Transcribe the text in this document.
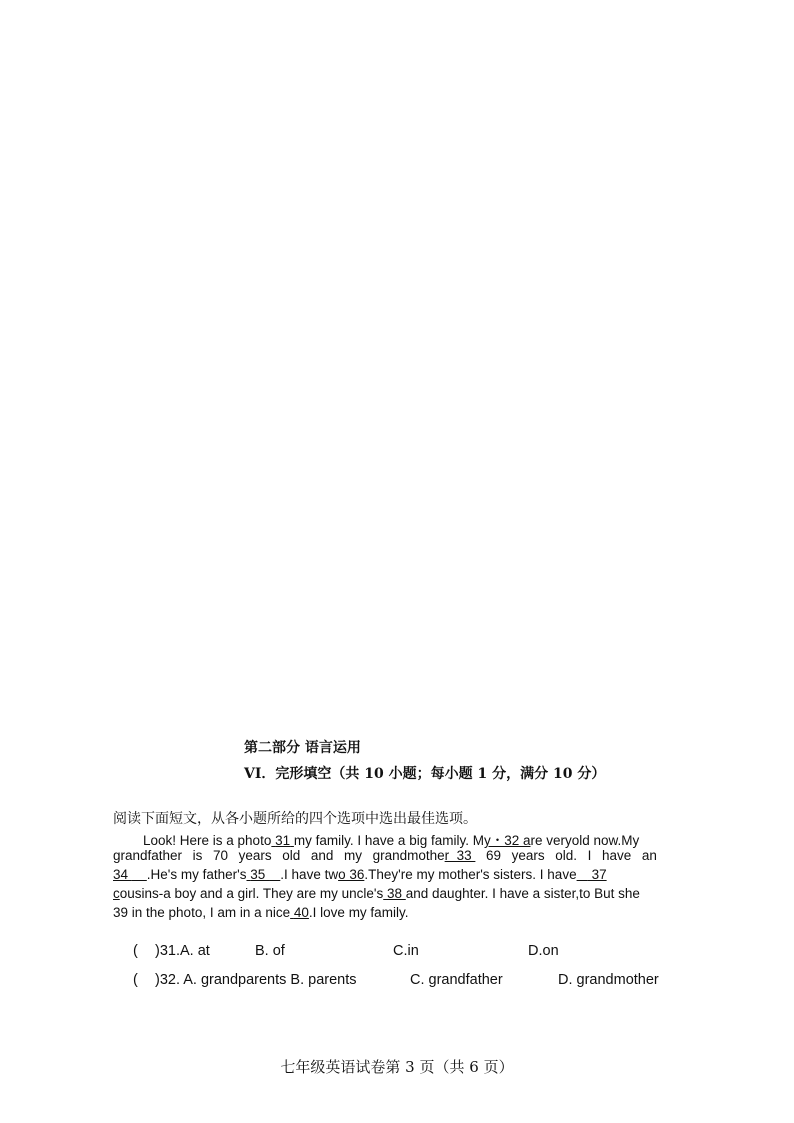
第二部分 语言运用
VI．完形填空（共 10 小题；每小题 1 分，满分 10 分）
阅读下面短文，从各小题所给的四个选项中选出最佳选项。
Look! Here is a photo 31 my family. I have a big family. My・32 are veryold now.My
grandfather is 70 years old and my grandmother  33 69 years old. I have an
34     .He's my father's 35    .I have two 36.They're my mother's sisters. I have    37
cousins-a boy and a girl. They are my uncle's 38 and daughter. I have a sister,to But she
39 in the photo, I am in a nice 40.I love my family.
( )31.A. at	B. of	C.in	D.on
( )32. A. grandparents B. parents	C. grandfather	D. grandmother
七年级英语试卷第 3 页（共 6 页）
